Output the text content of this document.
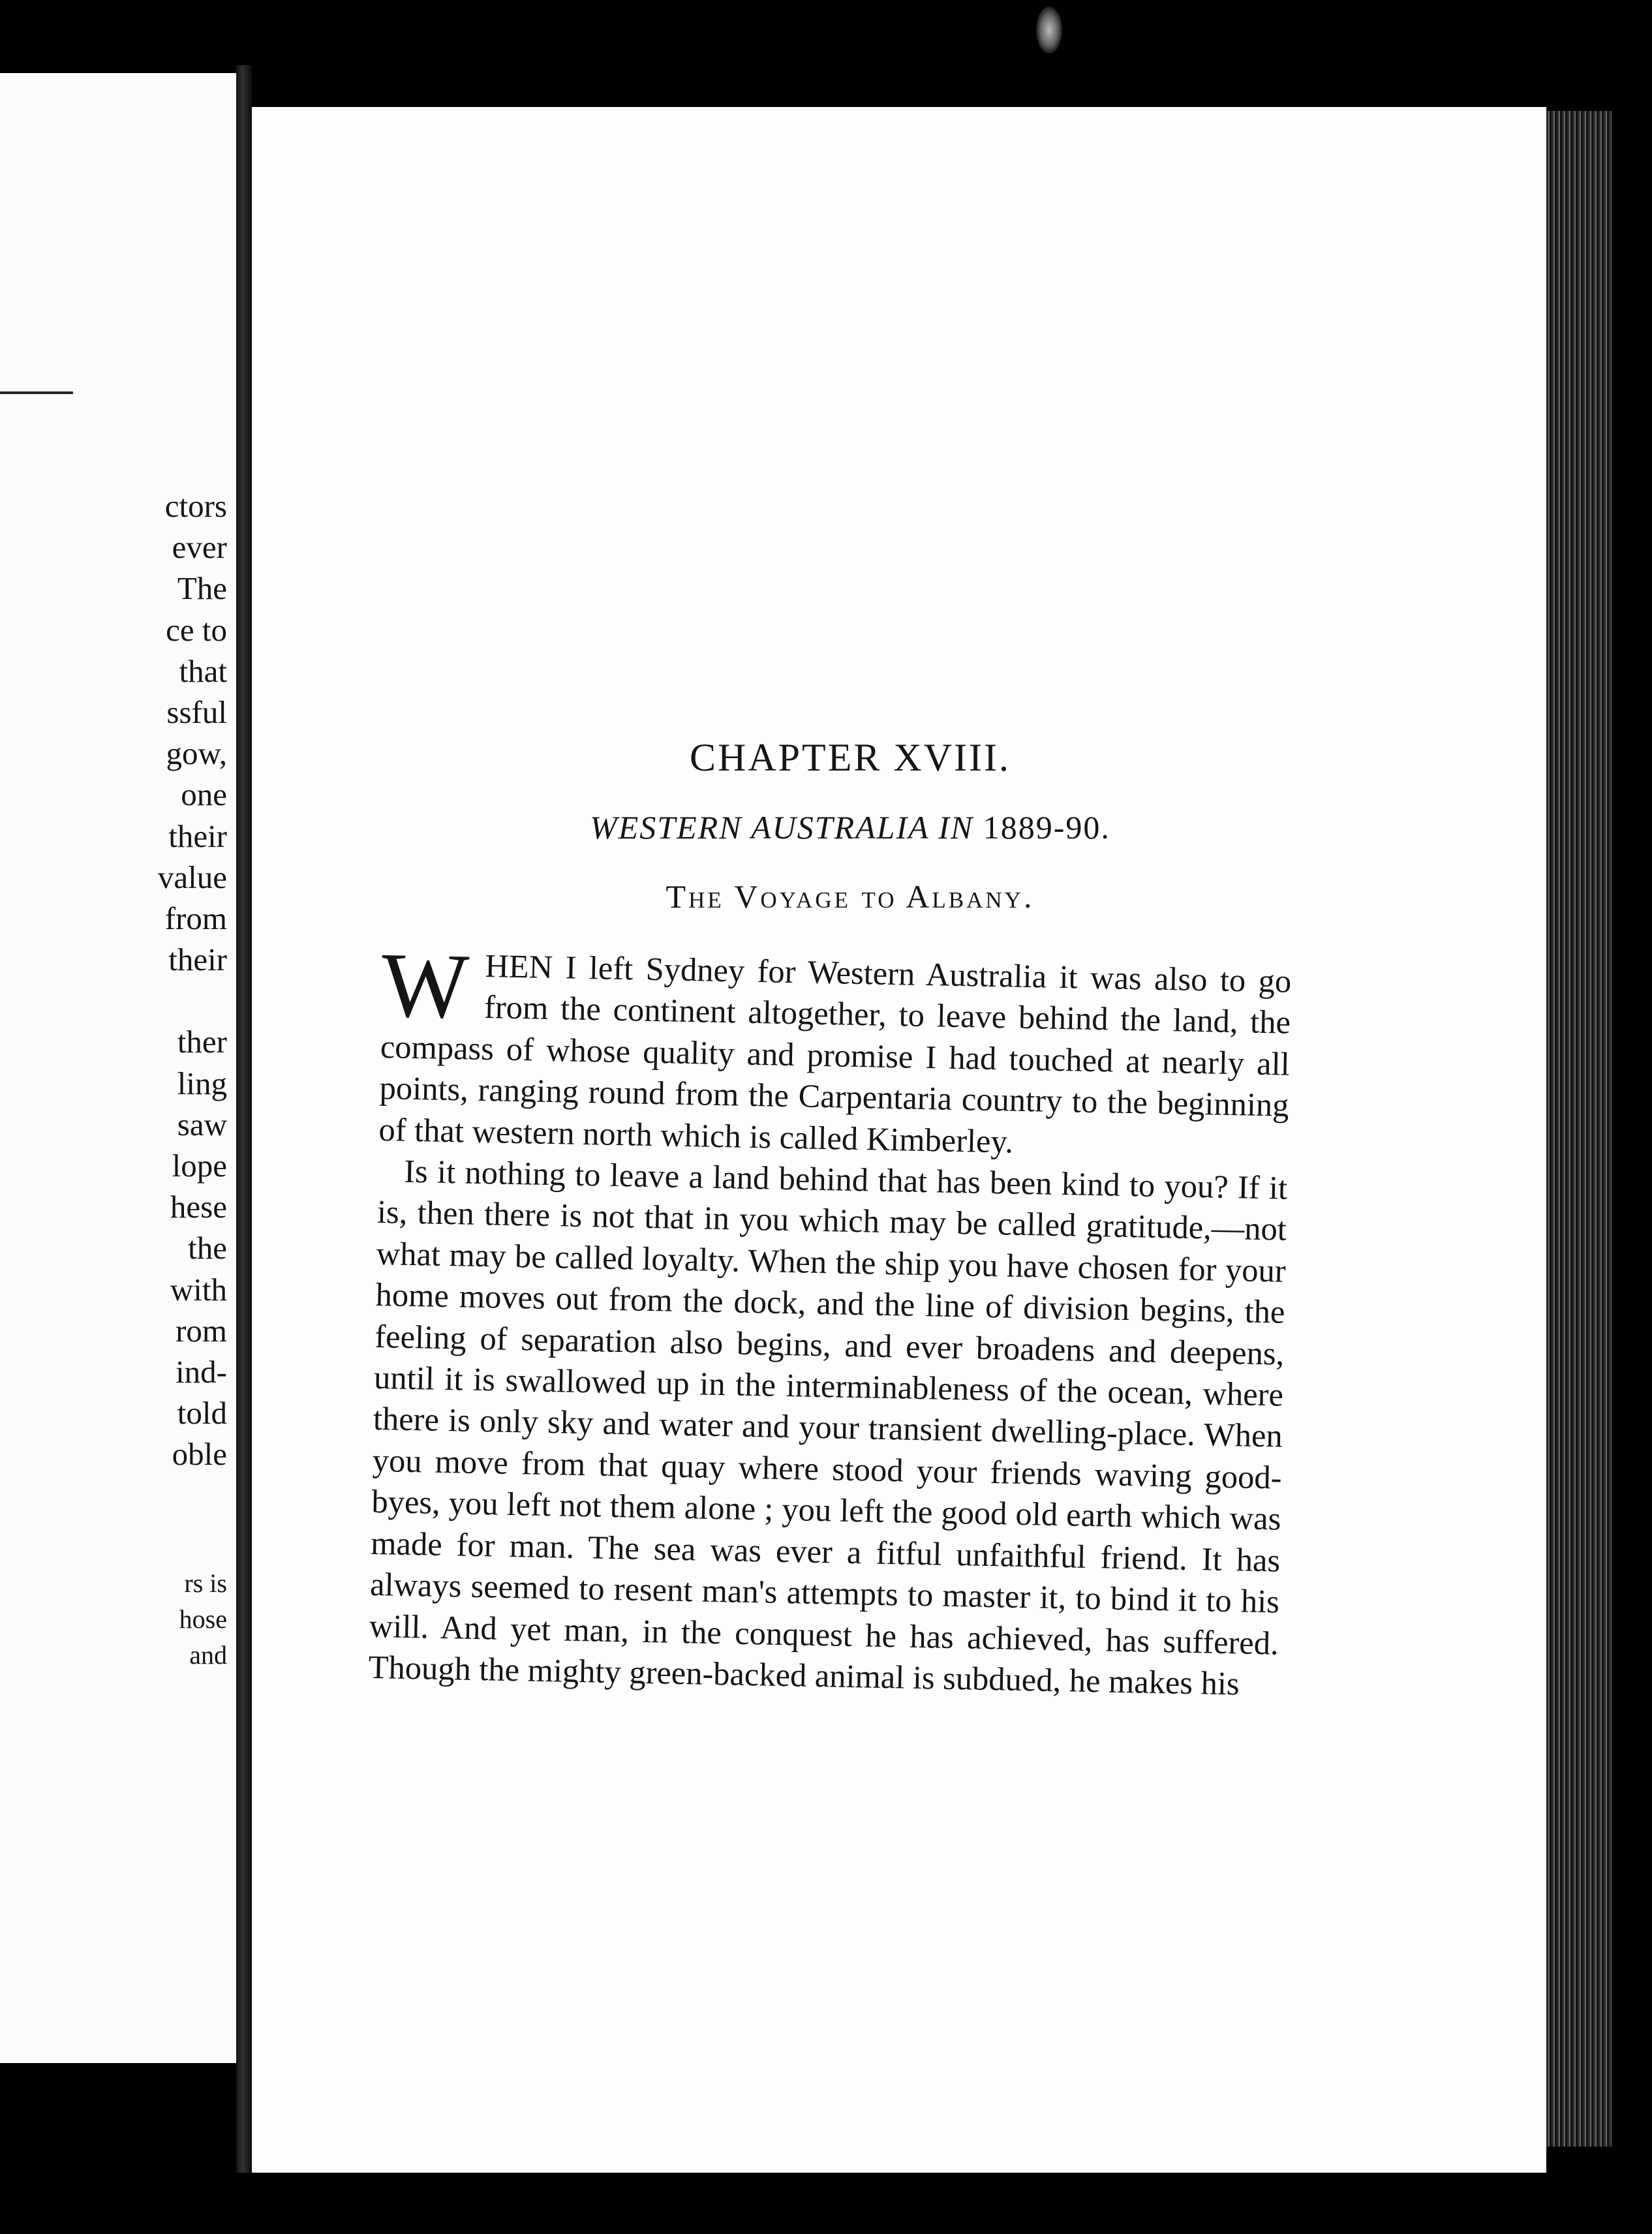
ctors
ever
The
ce to
that
ssful
gow,
one
their
value
from
their
ther
ling
saw
lope
hese
the
with
rom
ind-
told
oble
rs is
hose
and
CHAPTER XVIII.
WESTERN AUSTRALIA IN 1889-90.
The Voyage to Albany.

WHEN I left Sydney for Western Australia it was also to go from the continent altogether, to leave behind the land, the compass of whose quality and promise I had touched at nearly all points, ranging round from the Carpentaria country to the beginning of that western north which is called Kimberley.

Is it nothing to leave a land behind that has been kind to you? If it is, then there is not that in you which may be called gratitude,—not what may be called loyalty. When the ship you have chosen for your home moves out from the dock, and the line of division begins, the feeling of separation also begins, and ever broadens and deepens, until it is swallowed up in the interminableness of the ocean, where there is only sky and water and your transient dwelling-place. When you move from that quay where stood your friends waving good-byes, you left not them alone ; you left the good old earth which was made for man. The sea was ever a fitful unfaithful friend. It has always seemed to resent man's attempts to master it, to bind it to his will. And yet man, in the conquest he has achieved, has suffered. Though the mighty green-backed animal is subdued, he makes his
